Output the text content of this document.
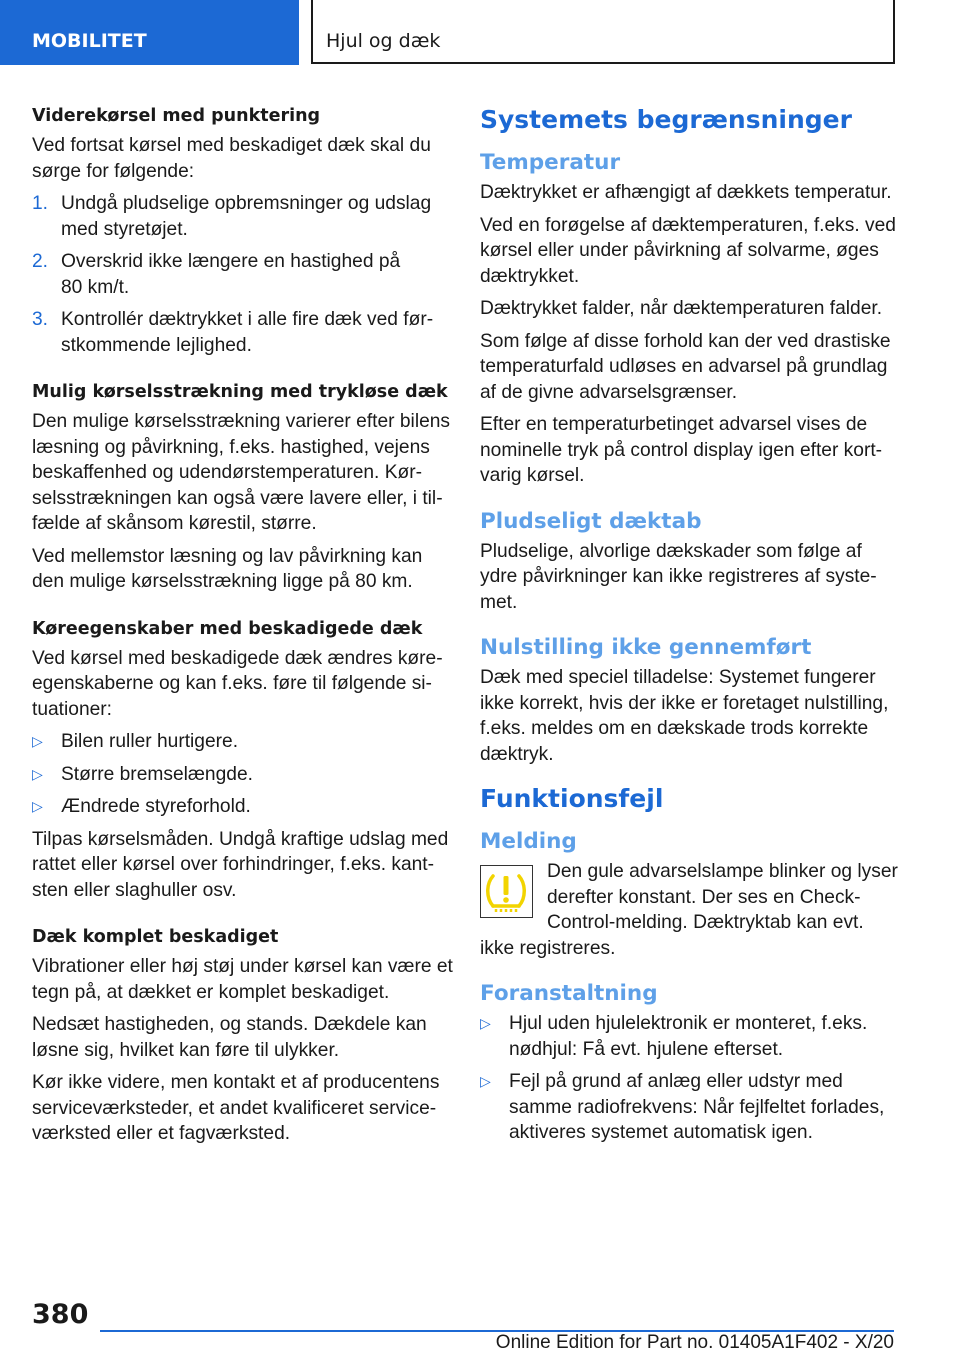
MOBILITET	Hjul og dæk
Viderekørsel med punktering
Ved fortsat kørsel med beskadiget dæk skal du
sørge for følgende:
1. Undgå pludselige opbremsninger og udslag
med styretøjet.
2. Overskrid ikke længere en hastighed på
80 km/t.
3. Kontrollér dæktrykket i alle fire dæk ved før-
stkommende lejlighed.
Mulig kørselsstrækning med trykløse dæk
Den mulige kørselsstrækning varierer efter bilens
læsning og påvirkning, f.eks. hastighed, vejens
beskaffenhed og udendørstemperaturen. Kør-
selsstrækningen kan også være lavere eller, i til-
fælde af skånsom kørestil, større.
Ved mellemstor læsning og lav påvirkning kan
den mulige kørselsstrækning ligge på 80 km.
Køreegenskaber med beskadigede dæk
Ved kørsel med beskadigede dæk ændres køre-
egenskaberne og kan f.eks. føre til følgende si-
tuationer:
▷ Bilen ruller hurtigere.
▷ Større bremselængde.
▷ Ændrede styreforhold.
Tilpas kørselsmåden. Undgå kraftige udslag med
rattet eller kørsel over forhindringer, f.eks. kant-
sten eller slaghuller osv.
Dæk komplet beskadiget
Vibrationer eller høj støj under kørsel kan være et
tegn på, at dækket er komplet beskadiget.
Nedsæt hastigheden, og stands. Dækdele kan
løsne sig, hvilket kan føre til ulykker.
Kør ikke videre, men kontakt et af producentens
serviceværksteder, et andet kvalificeret service-
værksted eller et fagværksted.
Systemets begrænsninger
Temperatur
Dæktrykket er afhængigt af dækkets temperatur.
Ved en forøgelse af dæktemperaturen, f.eks. ved
kørsel eller under påvirkning af solvarme, øges
dæktrykket.
Dæktrykket falder, når dæktemperaturen falder.
Som følge af disse forhold kan der ved drastiske
temperaturfald udløses en advarsel på grundlag
af de givne advarselsgrænser.
Efter en temperaturbetinget advarsel vises de
nominelle tryk på control display igen efter kort-
varig kørsel.
Pludseligt dæktab
Pludselige, alvorlige dækskader som følge af
ydre påvirkninger kan ikke registreres af syste-
met.
Nulstilling ikke gennemført
Dæk med speciel tilladelse: Systemet fungerer
ikke korrekt, hvis der ikke er foretaget nulstilling,
f.eks. meldes om en dækskade trods korrekte
dæktryk.
Funktionsfejl
Melding
Den gule advarselslampe blinker og lyser
derefter konstant. Der ses en Check-
Control-melding. Dæktryktab kan evt.
ikke registreres.
Foranstaltning
▷ Hjul uden hjulelektronik er monteret, f.eks.
nødhjul: Få evt. hjulene efterset.
▷ Fejl på grund af anlæg eller udstyr med
samme radiofrekvens: Når fejlfeltet forlades,
aktiveres systemet automatisk igen.
380
Online Edition for Part no. 01405A1F402 - X/20
